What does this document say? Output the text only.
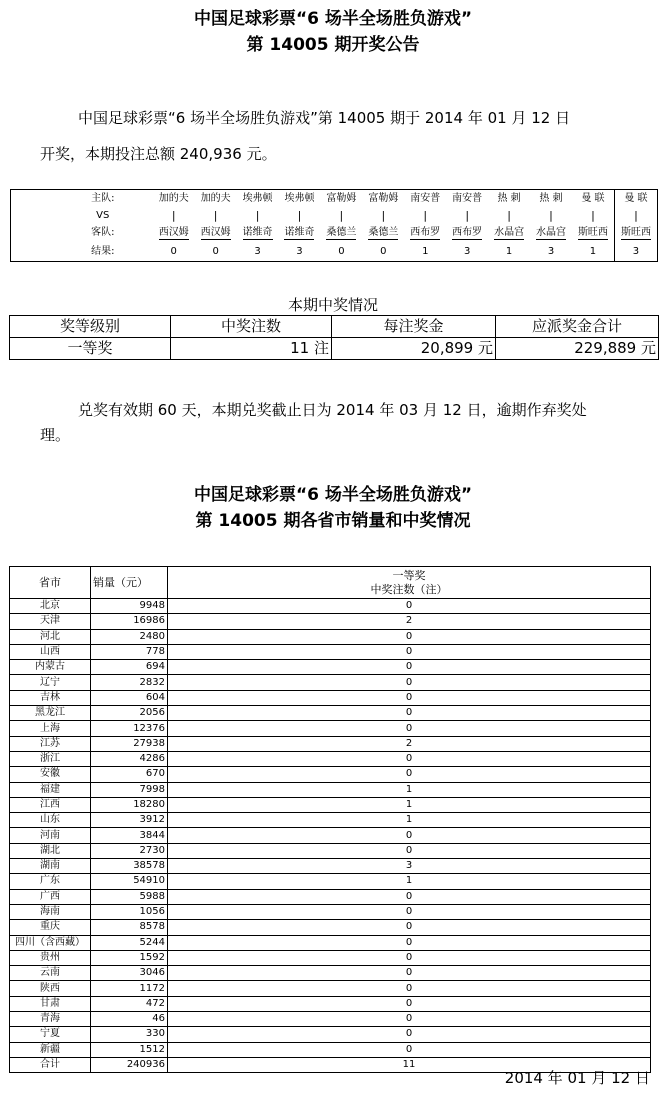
中国足球彩票“6 场半全场胜负游戏”
第 14005 期开奖公告
中国足球彩票“6 场半全场胜负游戏”第 14005 期于 2014 年 01 月 12 日
开奖，本期投注总额 240,936 元。
主队:	加的夫	加的夫	埃弗顿	埃弗顿	富勒姆	富勒姆	南安普	南安普	热 刺	热 刺	曼 联	曼 联
VS	|	|	|	|	|	|	|	|	|	|	|	|
客队:	西汉姆	西汉姆	诺维奇	诺维奇	桑德兰	桑德兰	西布罗	西布罗	水晶宫	水晶宫	斯旺西	斯旺西
结果:	0	0	3	3	0	0	1	3	1	3	1	3
本期中奖情况
奖等级别	中奖注数	每注奖金	应派奖金合计
一等奖	11 注	20,899 元	229,889 元
兑奖有效期 60 天，本期兑奖截止日为 2014 年 03 月 12 日，逾期作弃奖处
理。
中国足球彩票“6 场半全场胜负游戏”
第 14005 期各省市销量和中奖情况
省市	销量（元）	一等奖
中奖注数（注）

北京	9948	0
天津	16986	2
河北	2480	0
山西	778	0
内蒙古	694	0
辽宁	2832	0
吉林	604	0
黑龙江	2056	0
上海	12376	0
江苏	27938	2
浙江	4286	0
安徽	670	0
福建	7998	1
江西	18280	1
山东	3912	1
河南	3844	0
湖北	2730	0
湖南	38578	3
广东	54910	1
广西	5988	0
海南	1056	0
重庆	8578	0
四川（含西藏）	5244	0
贵州	1592	0
云南	3046	0
陕西	1172	0
甘肃	472	0
青海	46	0
宁夏	330	0
新疆	1512	0
合计	240936	11
2014 年 01 月 12 日
